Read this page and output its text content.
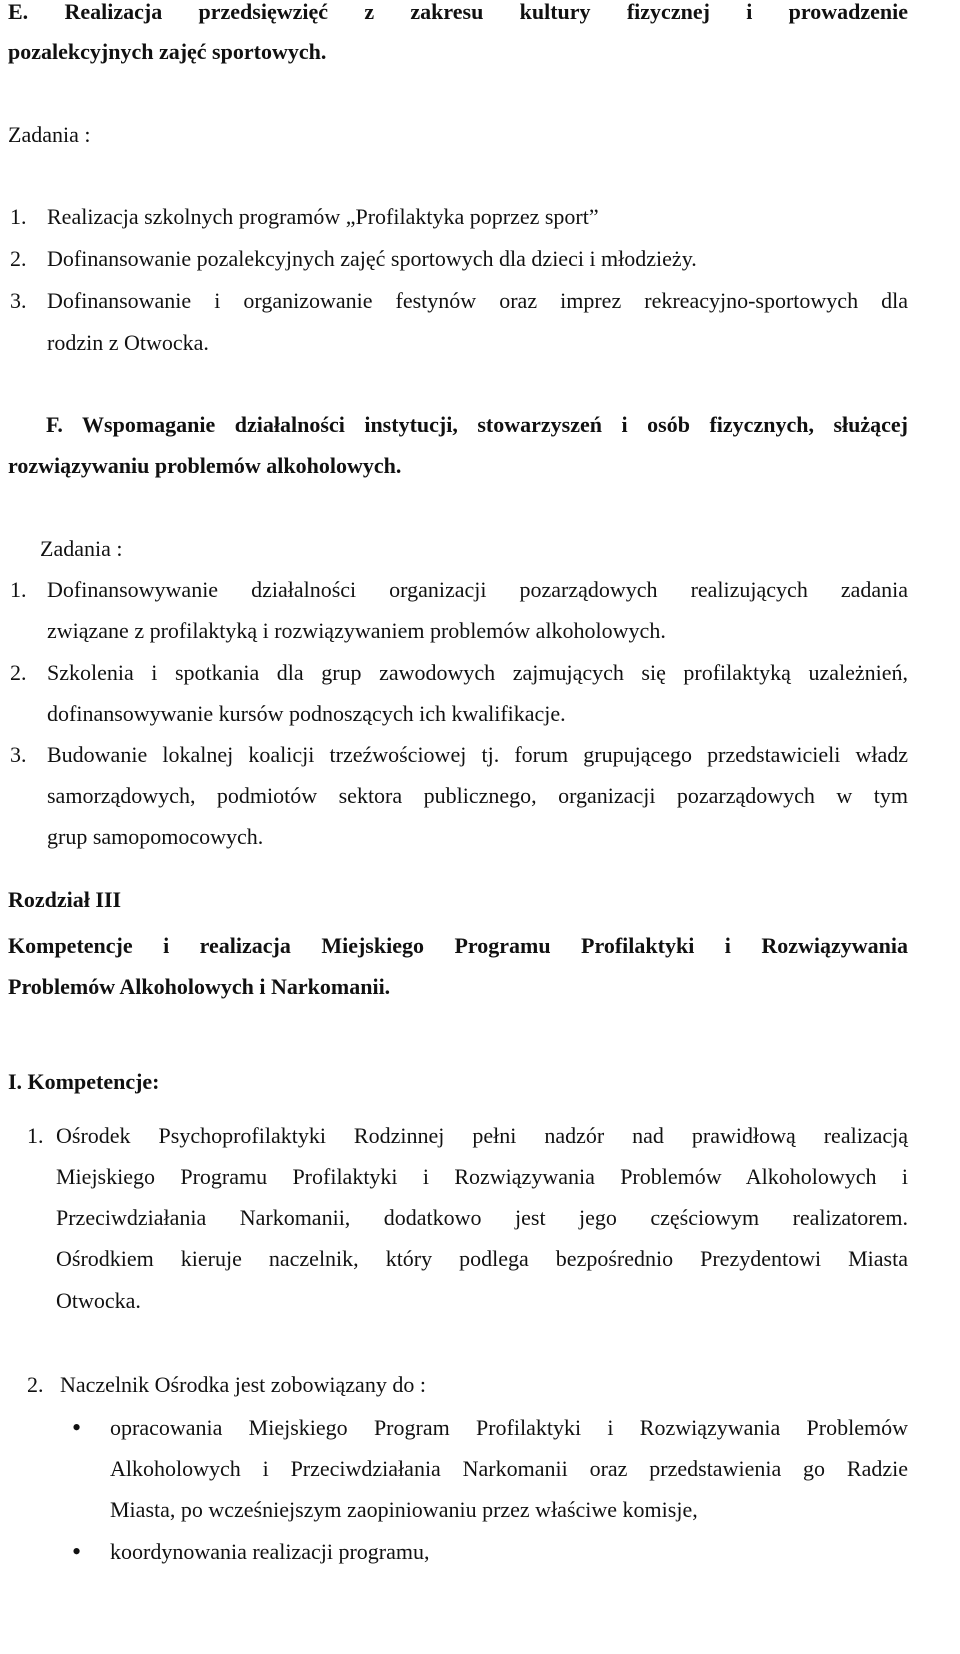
E. Realizacja przedsięwzięć z zakresu kultury fizycznej i prowadzenie
pozalekcyjnych zajęć sportowych.
Zadania :
1. Realizacja szkolnych programów „Profilaktyka poprzez sport”
2. Dofinansowanie pozalekcyjnych zajęć sportowych dla dzieci i młodzieży.
3. Dofinansowanie i organizowanie festynów oraz imprez rekreacyjno-sportowych dla
rodzin z Otwocka.
F. Wspomaganie działalności instytucji, stowarzyszeń i osób fizycznych, służącej
rozwiązywaniu problemów alkoholowych.
Zadania :
1. Dofinansowywanie działalności organizacji pozarządowych realizujących zadania
związane z profilaktyką i rozwiązywaniem problemów alkoholowych.
2. Szkolenia i spotkania dla grup zawodowych zajmujących się profilaktyką uzależnień,
dofinansowywanie kursów podnoszących ich kwalifikacje.
3. Budowanie lokalnej koalicji trzeźwościowej tj. forum grupującego przedstawicieli władz
samorządowych, podmiotów sektora publicznego, organizacji pozarządowych w tym
grup samopomocowych.
Rozdział III
Kompetencje i realizacja Miejskiego Programu Profilaktyki i Rozwiązywania
Problemów Alkoholowych i Narkomanii.
I. Kompetencje:
1. Ośrodek Psychoprofilaktyki Rodzinnej pełni nadzór nad prawidłową realizacją
Miejskiego Programu Profilaktyki i Rozwiązywania Problemów Alkoholowych i
Przeciwdziałania Narkomanii, dodatkowo jest jego częściowym realizatorem.
Ośrodkiem kieruje naczelnik, który podlega bezpośrednio Prezydentowi Miasta
Otwocka.
2. Naczelnik Ośrodka jest zobowiązany do :
• opracowania Miejskiego Program Profilaktyki i Rozwiązywania Problemów
Alkoholowych i Przeciwdziałania Narkomanii oraz przedstawienia go Radzie
Miasta, po wcześniejszym zaopiniowaniu przez właściwe komisje,
• koordynowania realizacji programu,
